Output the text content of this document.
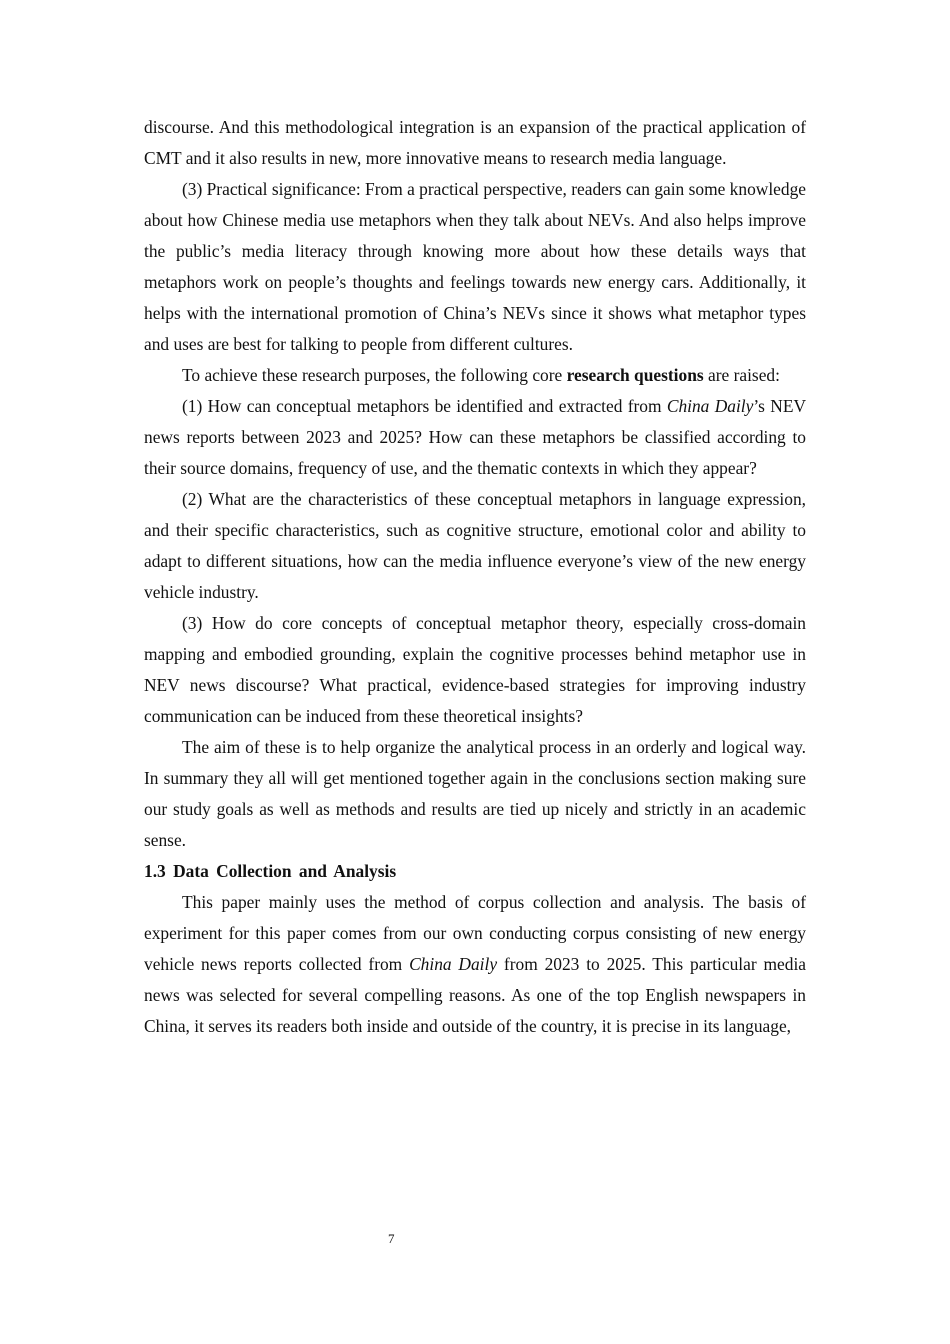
discourse. And this methodological integration is an expansion of the practical application of CMT and it also results in new, more innovative means to research media language.

(3) Practical significance: From a practical perspective, readers can gain some knowledge about how Chinese media use metaphors when they talk about NEVs. And also helps improve the public’s media literacy through knowing more about how these details ways that metaphors work on people’s thoughts and feelings towards new energy cars. Additionally, it helps with the international promotion of China’s NEVs since it shows what metaphor types and uses are best for talking to people from different cultures.

To achieve these research purposes, the following core research questions are raised:

(1) How can conceptual metaphors be identified and extracted from China Daily’s NEV news reports between 2023 and 2025? How can these metaphors be classified according to their source domains, frequency of use, and the thematic contexts in which they appear?

(2) What are the characteristics of these conceptual metaphors in language expression, and their specific characteristics, such as cognitive structure, emotional color and ability to adapt to different situations, how can the media influence everyone’s view of the new energy vehicle industry.

(3) How do core concepts of conceptual metaphor theory, especially cross-domain mapping and embodied grounding, explain the cognitive processes behind metaphor use in NEV news discourse? What practical, evidence-based strategies for improving industry communication can be induced from these theoretical insights?

The aim of these is to help organize the analytical process in an orderly and logical way. In summary they all will get mentioned together again in the conclusions section making sure our study goals as well as methods and results are tied up nicely and strictly in an academic sense.

1.3 Data Collection and Analysis

This paper mainly uses the method of corpus collection and analysis. The basis of experiment for this paper comes from our own conducting corpus consisting of new energy vehicle news reports collected from China Daily from 2023 to 2025. This particular media news was selected for several compelling reasons. As one of the top English newspapers in China, it serves its readers both inside and outside of the country, it is precise in its language,

7
